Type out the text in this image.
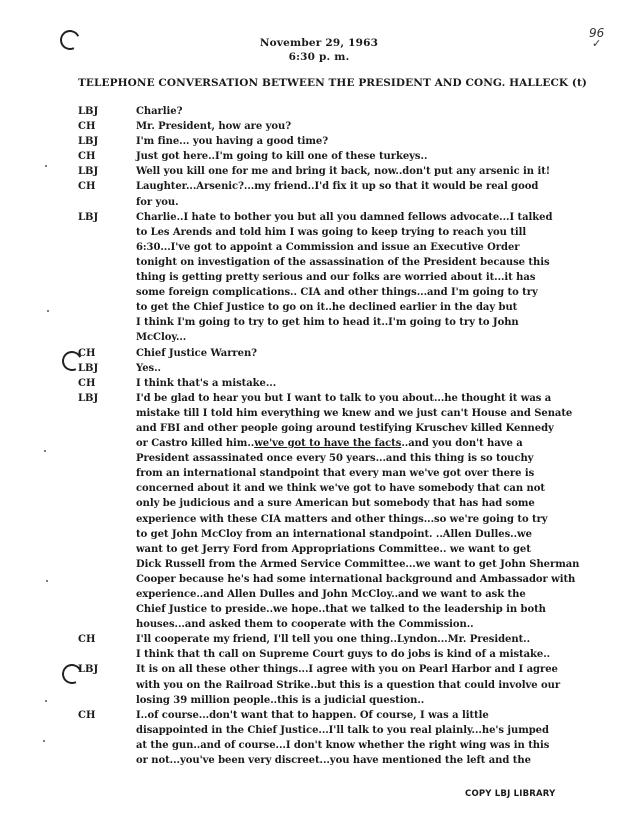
November 29, 1963
6:30 p. m.
96
✓
TELEPHONE CONVERSATION BETWEEN THE PRESIDENT AND CONG. HALLECK (t)
LBJ	Charlie?
CH	Mr. President, how are you?
LBJ	I'm fine... you having a good time?
CH	Just got here..I'm going to kill one of these turkeys..
LBJ	Well you kill one for me and bring it back, now..don't put any arsenic in it!
CH	Laughter...Arsenic?...my friend..I'd fix it up so that it would be real good
for you.
LBJ	Charlie..I hate to bother you but all you damned fellows advocate...I talked
to Les Arends and told him I was going to keep trying to reach you till
6:30...I've got to appoint a Commission and issue an Executive Order
tonight on investigation of the assassination of the President because this
thing is getting pretty serious and our folks are worried about it...it has
some foreign complications.. CIA and other things...and I'm going to try
to get the Chief Justice to go on it..he declined earlier in the day but
I think I'm going to try to get him to head it..I'm going to try to John
McCloy...
CH	Chief Justice Warren?
LBJ	Yes..
CH	I think that's a mistake...
LBJ	I'd be glad to hear you but I want to talk to you about...he thought it was a
mistake till I told him everything we knew and we just can't House and Senate
and FBI and other people going around testifying Kruschev killed Kennedy
or Castro killed him..we've got to have the facts..and you don't have a
President assassinated once every 50 years...and this thing is so touchy
from an international standpoint that every man we've got over there is
concerned about it and we think we've got to have somebody that can not
only be judicious and a sure American but somebody that has had some
experience with these CIA matters and other things...so we're going to try
to get John McCloy from an international standpoint. ..Allen Dulles..we
want to get Jerry Ford from Appropriations Committee.. we want to get
Dick Russell from the Armed Service Committee...we want to get John Sherman
Cooper because he's had some international background and Ambassador with
experience..and Allen Dulles and John McCloy..and we want to ask the
Chief Justice to preside..we hope..that we talked to the leadership in both
houses...and asked them to cooperate with the Commission..
CH	I'll cooperate my friend, I'll tell you one thing..Lyndon...Mr. President..
I think that th call on Supreme Court guys to do jobs is kind of a mistake..
LBJ	It is on all these other things...I agree with you on Pearl Harbor and I agree
with you on the Railroad Strike..but this is a question that could involve our
losing 39 million people..this is a judicial question..
CH	I..of course...don't want that to happen. Of course, I was a little
disappointed in the Chief Justice...I'll talk to you real plainly...he's jumped
at the gun..and of course...I don't know whether the right wing was in this
or not...you've been very discreet...you have mentioned the left and the
COPY LBJ LIBRARY
